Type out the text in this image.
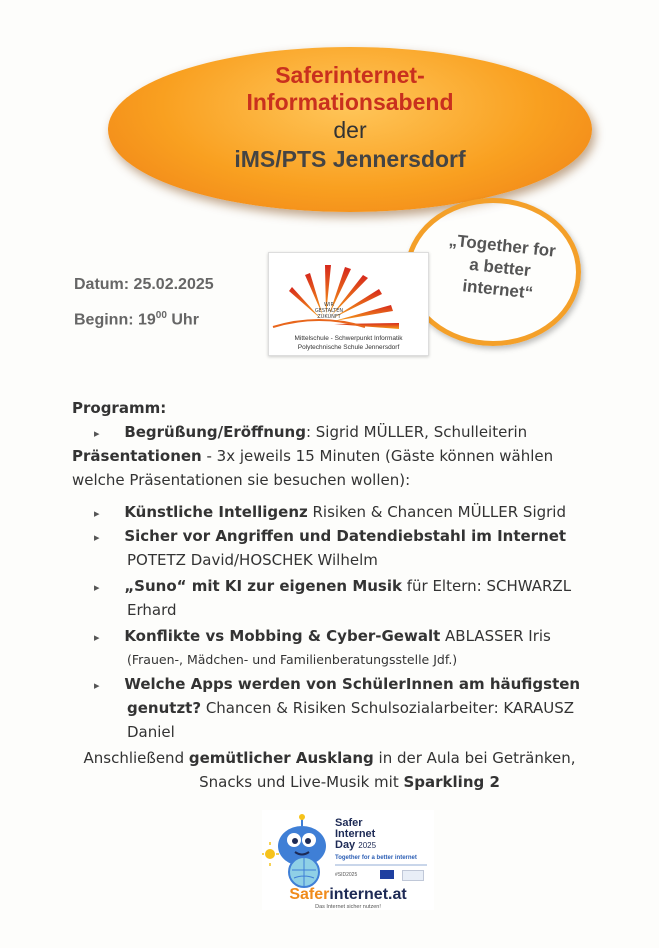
Saferinternet-
Informationsabend
der
iMS/PTS Jennersdorf
„Together for
a better
internet“
Datum: 25.02.2025
Beginn: $19^{00}$ Uhr
WIR
GESTALTEN
ZUKUNFT
Mittelschule - Schwerpunkt Informatik
Polytechnische Schule Jennersdorf
Programm:
▸ Begrüßung/Eröffnung: Sigrid MÜLLER, Schulleiterin
Präsentationen - 3x jeweils 15 Minuten (Gäste können wählen
welche Präsentationen sie besuchen wollen):
▸ Künstliche Intelligenz Risiken & Chancen MÜLLER Sigrid
▸ Sicher vor Angriffen und Datendiebstahl im Internet
POTETZ David/HOSCHEK Wilhelm
▸ „Suno“ mit KI zur eigenen Musik für Eltern: SCHWARZL
Erhard
▸ Konflikte vs Mobbing & Cyber-Gewalt ABLASSER Iris
(Frauen-, Mädchen- und Familienberatungsstelle Jdf.)
▸ Welche Apps werden von SchülerInnen am häufigsten
genutzt? Chancen & Risiken Schulsozialarbeiter: KARAUSZ
Daniel
Anschließend gemütlicher Ausklang in der Aula bei Getränken,
Snacks und Live-Musik mit Sparkling 2
Safer
Internet
Day 2025
Together for a better internet
#SID2025
Saferinternet.at
Das Internet sicher nutzen!
